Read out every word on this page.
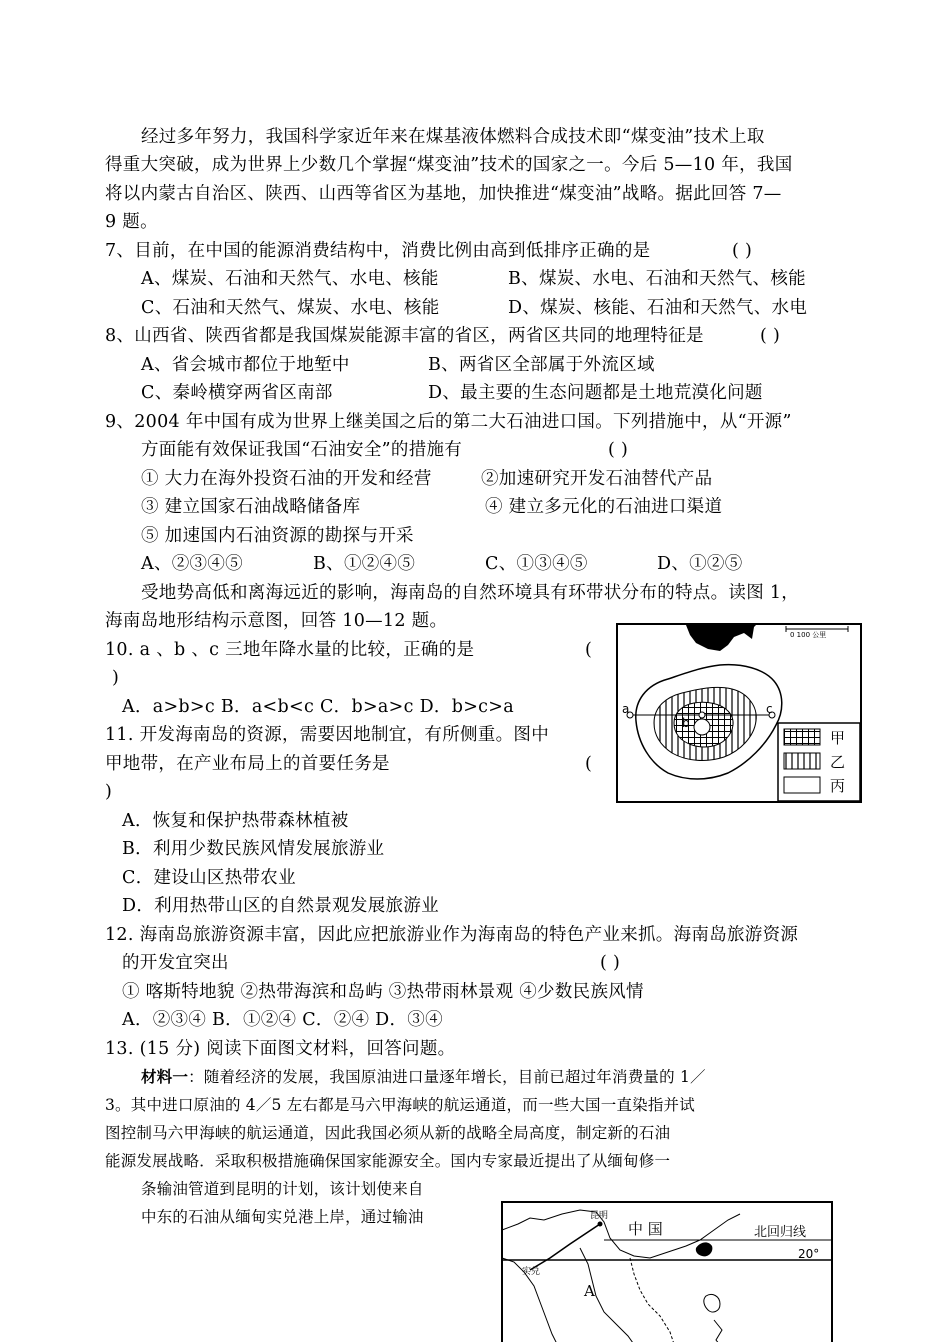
经过多年努力，我国科学家近年来在煤基液体燃料合成技术即“煤变油”技术上取
得重大突破，成为世界上少数几个掌握“煤变油”技术的国家之一。今后 5—10 年，我国
将以内蒙古自治区、陕西、山西等省区为基地，加快推进“煤变油”战略。据此回答 7—
9 题。
7、目前，在中国的能源消费结构中，消费比例由高到低排序正确的是	( )
A、煤炭、石油和天然气、水电、核能	B、煤炭、水电、石油和天然气、核能
C、石油和天然气、煤炭、水电、核能	D、煤炭、核能、石油和天然气、水电
8、山西省、陕西省都是我国煤炭能源丰富的省区，两省区共同的地理特征是	( )
A、省会城市都位于地堑中	B、两省区全部属于外流区域
C、秦岭横穿两省区南部	D、最主要的生态问题都是土地荒漠化问题
9、2004 年中国有成为世界上继美国之后的第二大石油进口国。下列措施中，从“开源”
方面能有效保证我国“石油安全”的措施有	( )
① 大力在海外投资石油的开发和经营	②加速研究开发石油替代产品
③ 建立国家石油战略储备库	④ 建立多元化的石油进口渠道
⑤ 加速国内石油资源的勘探与开采
A、②③④⑤	B、①②④⑤	C、①③④⑤	D、①②⑤
受地势高低和离海远近的影响，海南岛的自然环境具有环带状分布的特点。读图 1，
海南岛地形结构示意图，回答 10—12 题。
10. a 、b 、c 三地年降水量的比较，正确的是	(
)
A．a>b>c B．a<b<c C．b>a>c D．b>c>a
11. 开发海南岛的资源，需要因地制宜，有所侧重。图中
甲地带，在产业布局上的首要任务是	(
)
A．恢复和保护热带森林植被
B．利用少数民族风情发展旅游业
C．建设山区热带农业
D．利用热带山区的自然景观发展旅游业
12. 海南岛旅游资源丰富，因此应把旅游业作为海南岛的特色产业来抓。海南岛旅游资源
的开发宜突出	( )
① 喀斯特地貌 ②热带海滨和岛屿 ③热带雨林景观 ④少数民族风情
A．②③④ B．①②④ C．②④ D．③④
13. (15 分) 阅读下面图文材料，回答问题。
材料一：随着经济的发展，我国原油进口量逐年增长，目前已超过年消费量的 1／
3。其中进口原油的 4／5 左右都是马六甲海峡的航运通道，而一些大国一直染指并试
图控制马六甲海峡的航运通道，因此我国必须从新的战略全局高度，制定新的石油
能源发展战略．采取积极措施确保国家能源安全。国内专家最近提出了从缅甸修一
条输油管道到昆明的计划，该计划使来自
中东的石油从缅甸实兑港上岸，通过输油
0 100 公里
a
b
c
甲
乙
丙
昆明
中 国	北回归线
20°
实兑
A
